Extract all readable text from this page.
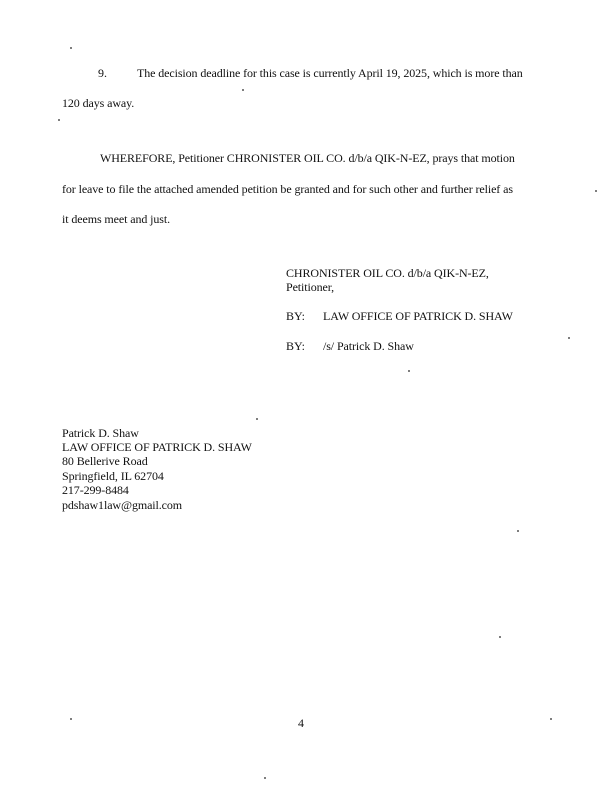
9.	The decision deadline for this case is currently April 19, 2025, which is more than
120 days away.
WHEREFORE, Petitioner CHRONISTER OIL CO. d/b/a QIK-N-EZ, prays that motion
for leave to file the attached amended petition be granted and for such other and further relief as
it deems meet and just.
CHRONISTER OIL CO. d/b/a QIK-N-EZ,
Petitioner,
BY: LAW OFFICE OF PATRICK D. SHAW
BY: /s/ Patrick D. Shaw
Patrick D. Shaw
LAW OFFICE OF PATRICK D. SHAW
80 Bellerive Road
Springfield, IL 62704
217-299-8484
pdshaw1law@gmail.com
4
